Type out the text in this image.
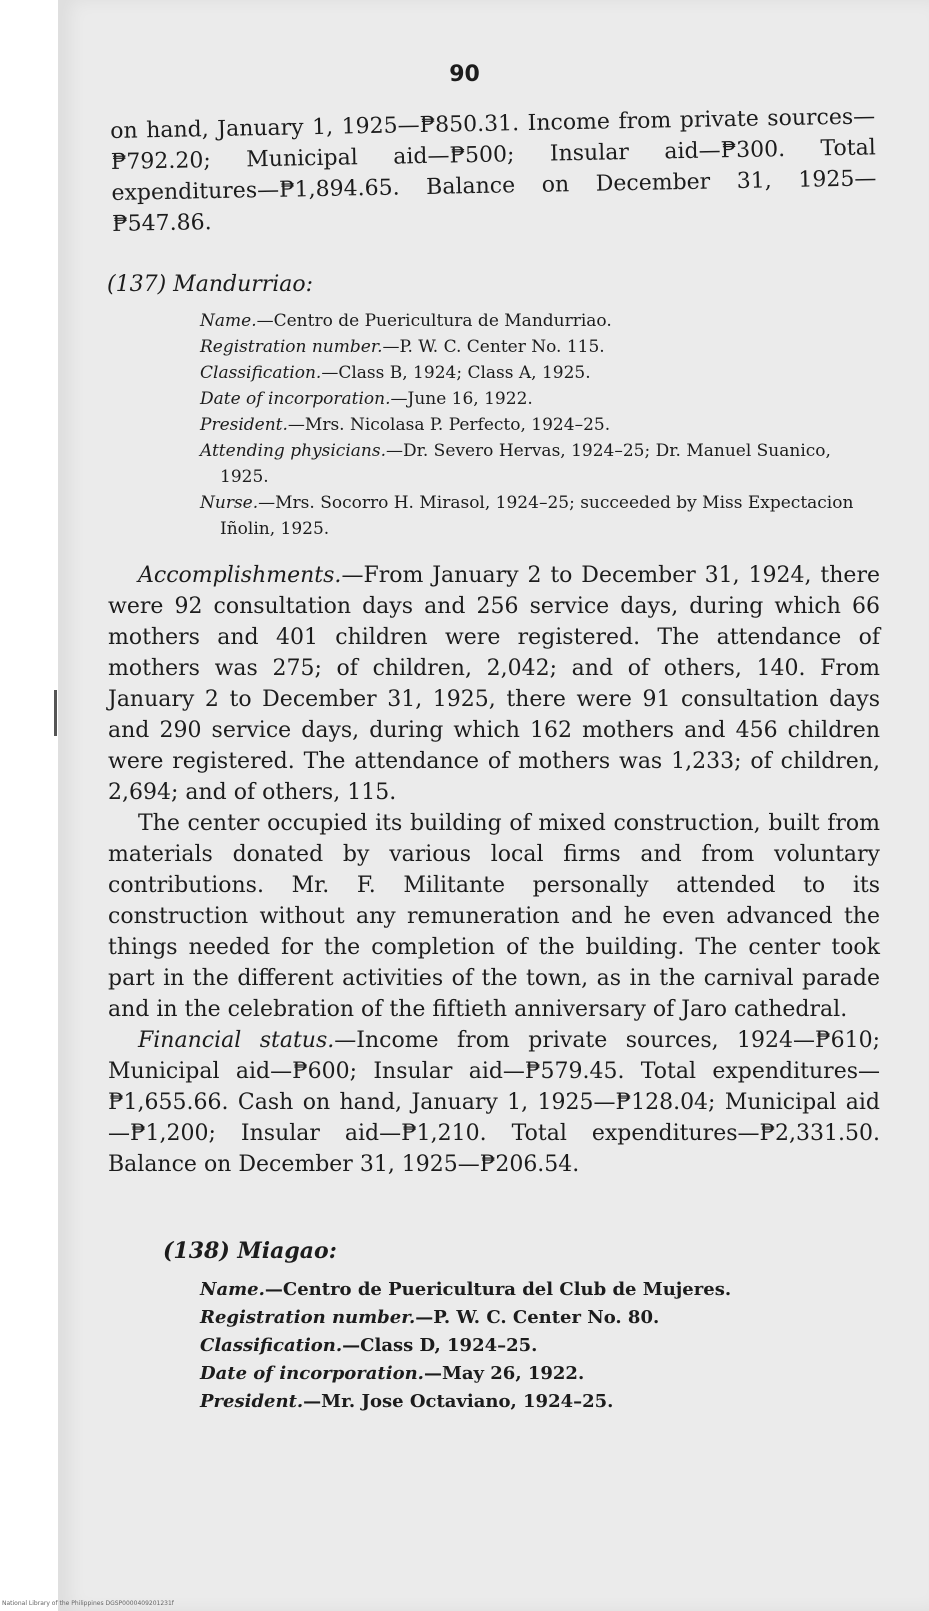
90
on hand, January 1, 1925—₱850.31. Income from private sources—₱792.20; Municipal aid—₱500; Insular aid—₱300. Total expenditures—₱1,894.65. Balance on December 31, 1925—₱547.86.
(137) Mandurriao:
Name.—Centro de Puericultura de Mandurriao.
Registration number.—P. W. C. Center No. 115.
Classification.—Class B, 1924; Class A, 1925.
Date of incorporation.—June 16, 1922.
President.—Mrs. Nicolasa P. Perfecto, 1924–25.
Attending physicians.—Dr. Severo Hervas, 1924–25; Dr. Manuel Suanico, 1925.
Nurse.—Mrs. Socorro H. Mirasol, 1924–25; succeeded by Miss Expectacion Iñolin, 1925.

Accomplishments.—From January 2 to December 31, 1924, there were 92 consultation days and 256 service days, during which 66 mothers and 401 children were registered. The attendance of mothers was 275; of children, 2,042; and of others, 140. From January 2 to December 31, 1925, there were 91 consultation days and 290 service days, during which 162 mothers and 456 children were registered. The attendance of mothers was 1,233; of children, 2,694; and of others, 115.

The center occupied its building of mixed construction, built from materials donated by various local firms and from voluntary contributions. Mr. F. Militante personally attended to its construction without any remuneration and he even advanced the things needed for the completion of the building. The center took part in the different activities of the town, as in the carnival parade and in the celebration of the fiftieth anniversary of Jaro cathedral.

Financial status.—Income from private sources, 1924—₱610; Municipal aid—₱600; Insular aid—₱579.45. Total expenditures—₱1,655.66. Cash on hand, January 1, 1925—₱128.04; Municipal aid—₱1,200; Insular aid—₱1,210. Total expenditures—₱2,331.50. Balance on December 31, 1925—₱206.54.

(138) Miagao:
Name.—Centro de Puericultura del Club de Mujeres.
Registration number.—P. W. C. Center No. 80.
Classification.—Class D, 1924–25.
Date of incorporation.—May 26, 1922.
President.—Mr. Jose Octaviano, 1924–25.
National Library of the Philippines DGSP0000409201231f
